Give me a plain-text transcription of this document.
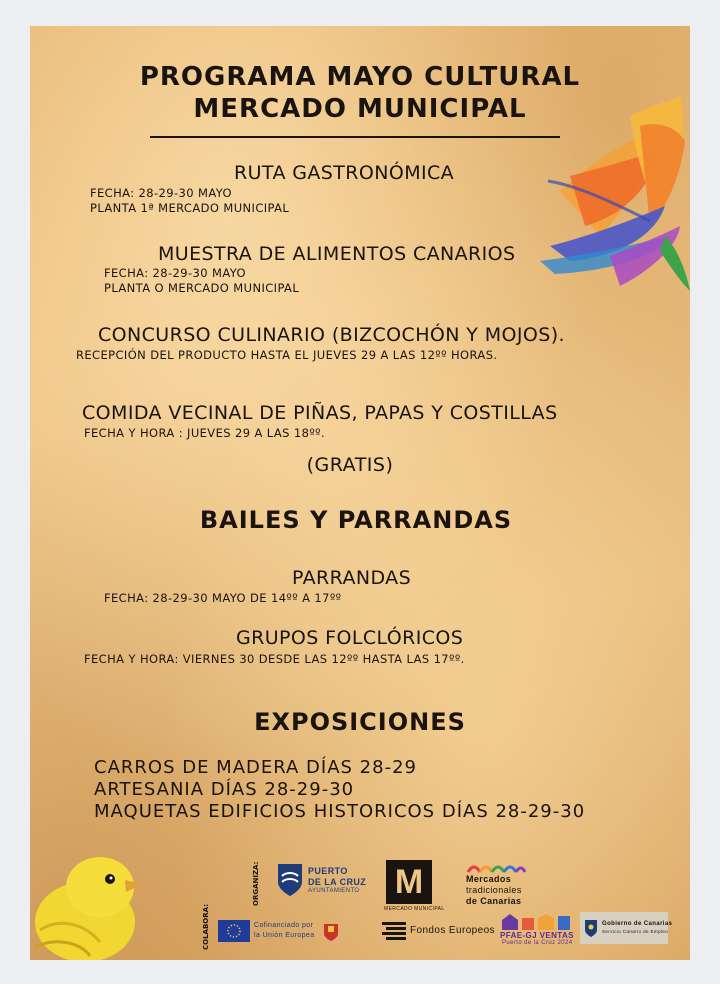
PROGRAMA MAYO CULTURAL
MERCADO MUNICIPAL
RUTA GASTRONÓMICA
FECHA: 28-29-30 MAYO
PLANTA 1ª MERCADO MUNICIPAL
MUESTRA DE ALIMENTOS CANARIOS
FECHA: 28-29-30 MAYO
PLANTA O MERCADO MUNICIPAL
CONCURSO CULINARIO (BIZCOCHÓN Y MOJOS).
RECEPCIÓN DEL PRODUCTO HASTA EL JUEVES 29 A LAS 12ºº HORAS.
COMIDA VECINAL DE PIÑAS, PAPAS Y COSTILLAS
FECHA Y HORA : JUEVES 29 A LAS 18ºº.
(GRATIS)
BAILES Y PARRANDAS
PARRANDAS
FECHA: 28-29-30 MAYO DE 14ºº A 17ºº
GRUPOS FOLCLÓRICOS
FECHA Y HORA: VIERNES 30 DESDE LAS 12ºº HASTA LAS 17ºº.
EXPOSICIONES
CARROS DE MADERA DÍAS 28-29
ARTESANIA DÍAS 28-29-30
MAQUETAS EDIFICIOS HISTORICOS DÍAS 28-29-30
ORGANIZA:
COLABORA:
PUERTO
DE LA CRUZ
AYUNTAMIENTO M
MERCADO MUNICIPAL
Mercados
tradicionales
de Canarias
Cofinanciado por
la Unión Europea	Fondos Europeos PFAE-GJ VENTAS
Puerto de la Cruz 2024
Gobierno de Canarias
Servicio Canario de Empleo
